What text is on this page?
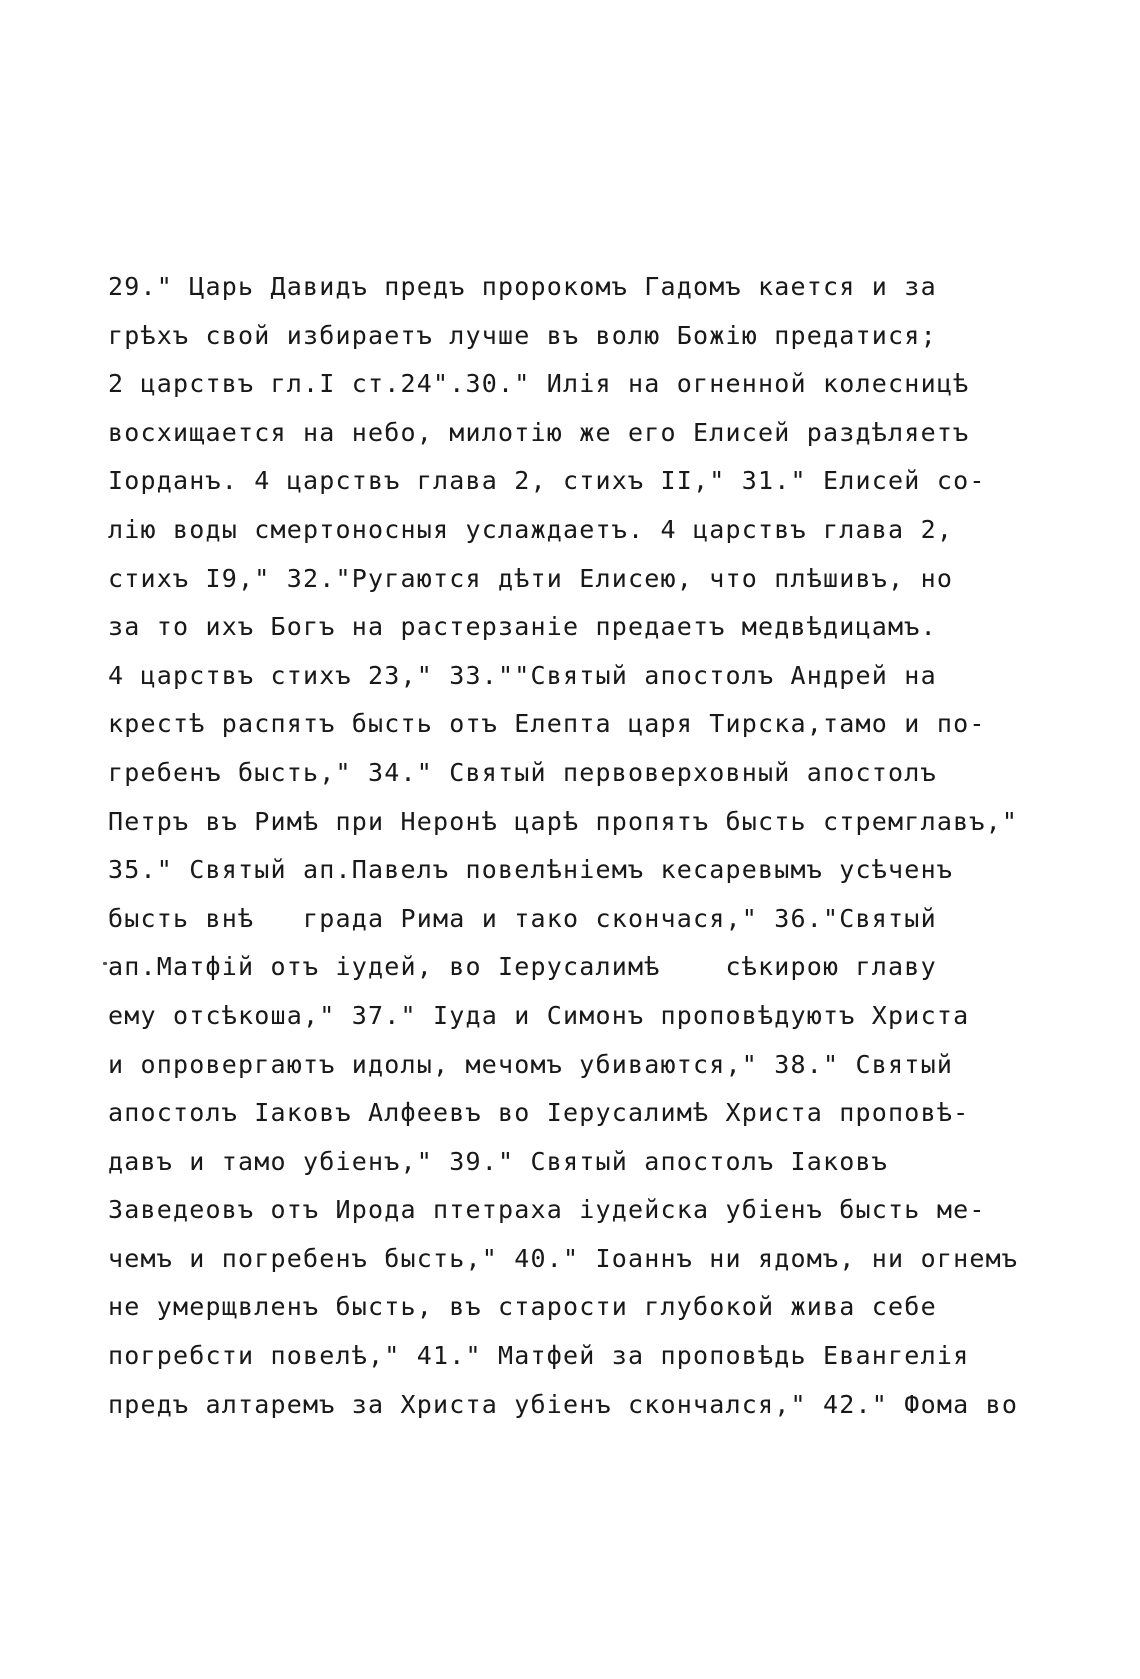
29." Царь Давидъ предъ пророкомъ Гадомъ кается и за
грѣхъ свой избираетъ лучше въ волю Божію предатися;
2 царствъ гл.I ст.24".30." Илія на огненной колесницѣ
восхищается на небо, милотію же его Елисей раздѣляетъ
Іорданъ. 4 царствъ глава 2, стихъ II," 31." Елисей со-
лію воды смертоносныя услаждаетъ. 4 царствъ глава 2,
стихъ I9," 32."Ругаются дѣти Елисею, что плѣшивъ, но
за то ихъ Богъ на растерзаніе предаетъ медвѣдицамъ.
4 царствъ стихъ 23," 33.""Святый апостолъ Андрей на
крестѣ распятъ бысть отъ Елепта царя Тирска,тамо и по-
гребенъ бысть," 34." Святый первоверховный апостолъ
Петръ въ Римѣ при Неронѣ царѣ пропятъ бысть стремглавъ,"
35." Святый ап.Павелъ повелѣніемъ кесаревымъ усѣченъ
бысть внѣ   града Рима и тако скончася," 36."Святый
ап.Матфій отъ іудей, во Іерусалимѣ    сѣкирою главу
ему отсѣкоша," 37." Іуда и Симонъ проповѣдуютъ Христа
и опровергаютъ идолы, мечомъ убиваются," 38." Святый
апостолъ Іаковъ Алфеевъ во Іерусалимѣ Христа проповѣ-
давъ и тамо убіенъ," 39." Святый апостолъ Іаковъ
Заведеовъ отъ Ирода птетраха іудейска убіенъ бысть ме-
чемъ и погребенъ бысть," 40." Іоаннъ ни ядомъ, ни огнемъ
не умерщвленъ бысть, въ старости глубокой жива себе
погребсти повелѣ," 41." Матфей за проповѣдь Евангелія
предъ алтаремъ за Христа убіенъ скончался," 42." Фома во
